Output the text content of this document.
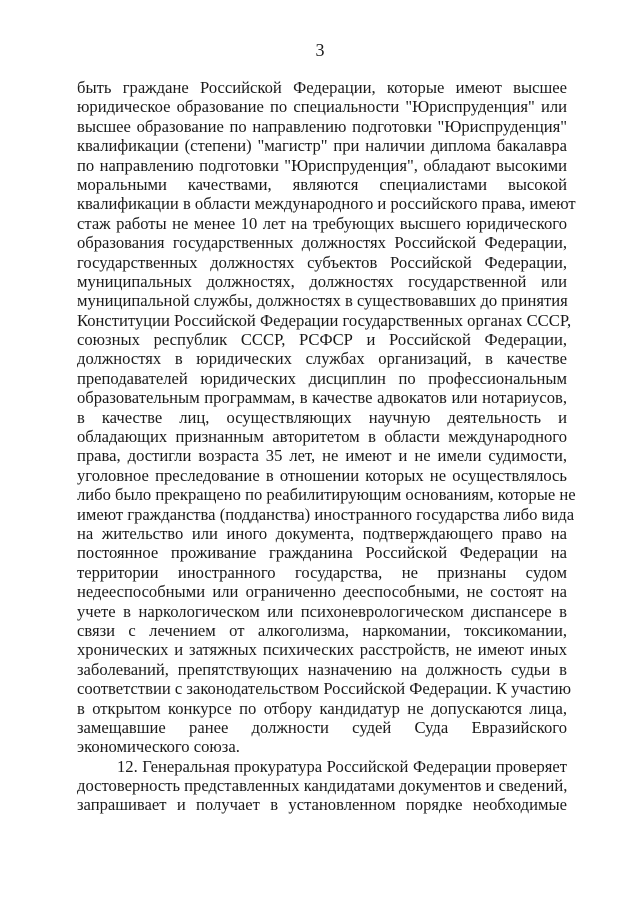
3
быть граждане Российской Федерации, которые имеют высшее
юридическое образование по специальности "Юриспруденция" или
высшее образование по направлению подготовки "Юриспруденция"
квалификации (степени) "магистр" при наличии диплома бакалавра
по направлению подготовки "Юриспруденция", обладают высокими
моральными качествами, являются специалистами высокой
квалификации в области международного и российского права, имеют
стаж работы не менее 10 лет на требующих высшего юридического
образования государственных должностях Российской Федерации,
государственных должностях субъектов Российской Федерации,
муниципальных должностях, должностях государственной или
муниципальной службы, должностях в существовавших до принятия
Конституции Российской Федерации государственных органах СССР,
союзных республик СССР, РСФСР и Российской Федерации,
должностях в юридических службах организаций, в качестве
преподавателей юридических дисциплин по профессиональным
образовательным программам, в качестве адвокатов или нотариусов,
в качестве лиц, осуществляющих научную деятельность и
обладающих признанным авторитетом в области международного
права, достигли возраста 35 лет, не имеют и не имели судимости,
уголовное преследование в отношении которых не осуществлялось
либо было прекращено по реабилитирующим основаниям, которые не
имеют гражданства (подданства) иностранного государства либо вида
на жительство или иного документа, подтверждающего право на
постоянное проживание гражданина Российской Федерации на
территории иностранного государства, не признаны судом
недееспособными или ограниченно дееспособными, не состоят на
учете в наркологическом или психоневрологическом диспансере в
связи с лечением от алкоголизма, наркомании, токсикомании,
хронических и затяжных психических расстройств, не имеют иных
заболеваний, препятствующих назначению на должность судьи в
соответствии с законодательством Российской Федерации. К участию
в открытом конкурсе по отбору кандидатур не допускаются лица,
замещавшие ранее должности судей Суда Евразийского
экономического союза.
12. Генеральная прокуратура Российской Федерации проверяет
достоверность представленных кандидатами документов и сведений,
запрашивает и получает в установленном порядке необходимые
